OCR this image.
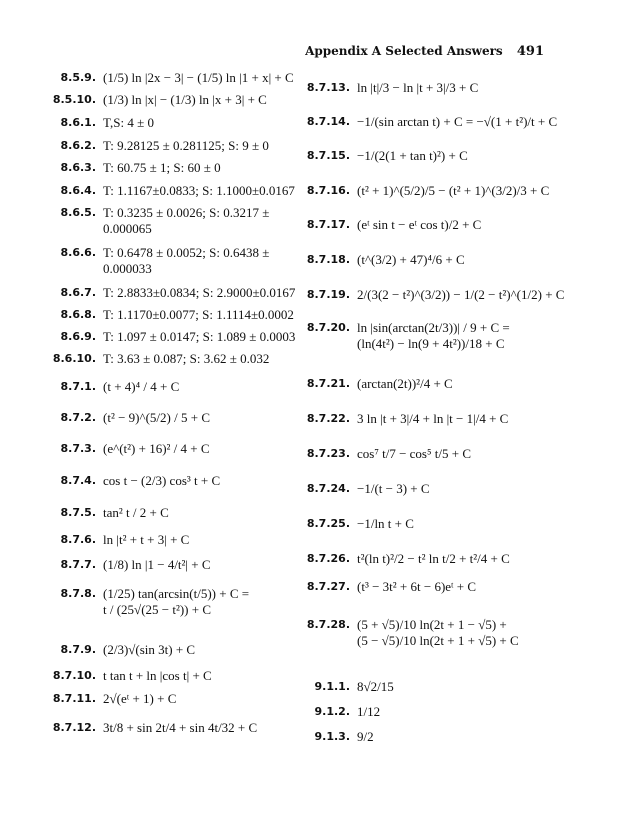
Appendix A Selected Answers 491
8.5.9. (1/5) ln |2x − 3| − (1/5) ln |1 + x| + C
8.5.10. (1/3) ln |x| − (1/3) ln |x + 3| + C
8.6.1. T,S: 4 ± 0
8.6.2. T: 9.28125 ± 0.281125; S: 9 ± 0
8.6.3. T: 60.75 ± 1; S: 60 ± 0
8.6.4. T: 1.1167±0.0833; S: 1.1000±0.0167
8.6.5. T: 0.3235 ± 0.0026; S: 0.3217 ±
0.000065
8.6.6. T: 0.6478 ± 0.0052; S: 0.6438 ±
0.000033
8.6.7. T: 2.8833±0.0834; S: 2.9000±0.0167
8.6.8. T: 1.1170±0.0077; S: 1.1114±0.0002
8.6.9. T: 1.097 ± 0.0147; S: 1.089 ± 0.0003
8.6.10. T: 3.63 ± 0.087; S: 3.62 ± 0.032
8.7.1. (t + 4)⁴ / 4 + C
8.7.2. (t² − 9)^(5/2) / 5 + C
8.7.3. (e^(t²) + 16)² / 4 + C
8.7.4. cos t − (2/3) cos³ t + C
8.7.5. tan² t / 2 + C
8.7.6. ln |t² + t + 3| + C
8.7.7. (1/8) ln |1 − 4/t²| + C
8.7.8. (1/25) tan(arcsin(t/5)) + C =
t / (25√(25 − t²)) + C
8.7.9. (2/3)√(sin 3t) + C
8.7.10. t tan t + ln |cos t| + C
8.7.11. 2√(eᵗ + 1) + C
8.7.12. 3t/8 + sin 2t/4 + sin 4t/32 + C
8.7.13. ln |t|/3 − ln |t + 3|/3 + C
8.7.14. −1/(sin arctan t) + C = −√(1 + t²)/t + C
8.7.15. −1/(2(1 + tan t)²) + C
8.7.16. (t² + 1)^(5/2)/5 − (t² + 1)^(3/2)/3 + C
8.7.17. (eᵗ sin t − eᵗ cos t)/2 + C
8.7.18. (t^(3/2) + 47)⁴/6 + C
8.7.19. 2/(3(2 − t²)^(3/2)) − 1/(2 − t²)^(1/2) + C
8.7.20. ln |sin(arctan(2t/3))| / 9 + C =
(ln(4t²) − ln(9 + 4t²))/18 + C
8.7.21. (arctan(2t))²/4 + C
8.7.22. 3 ln |t + 3|/4 + ln |t − 1|/4 + C
8.7.23. cos⁷ t/7 − cos⁵ t/5 + C
8.7.24. −1/(t − 3) + C
8.7.25. −1/ln t + C
8.7.26. t²(ln t)²/2 − t² ln t/2 + t²/4 + C
8.7.27. (t³ − 3t² + 6t − 6)eᵗ + C
8.7.28. (5 + √5)/10 ln(2t + 1 − √5) +
(5 − √5)/10 ln(2t + 1 + √5) + C
9.1.1. 8√2/15
9.1.2. 1/12
9.1.3. 9/2
